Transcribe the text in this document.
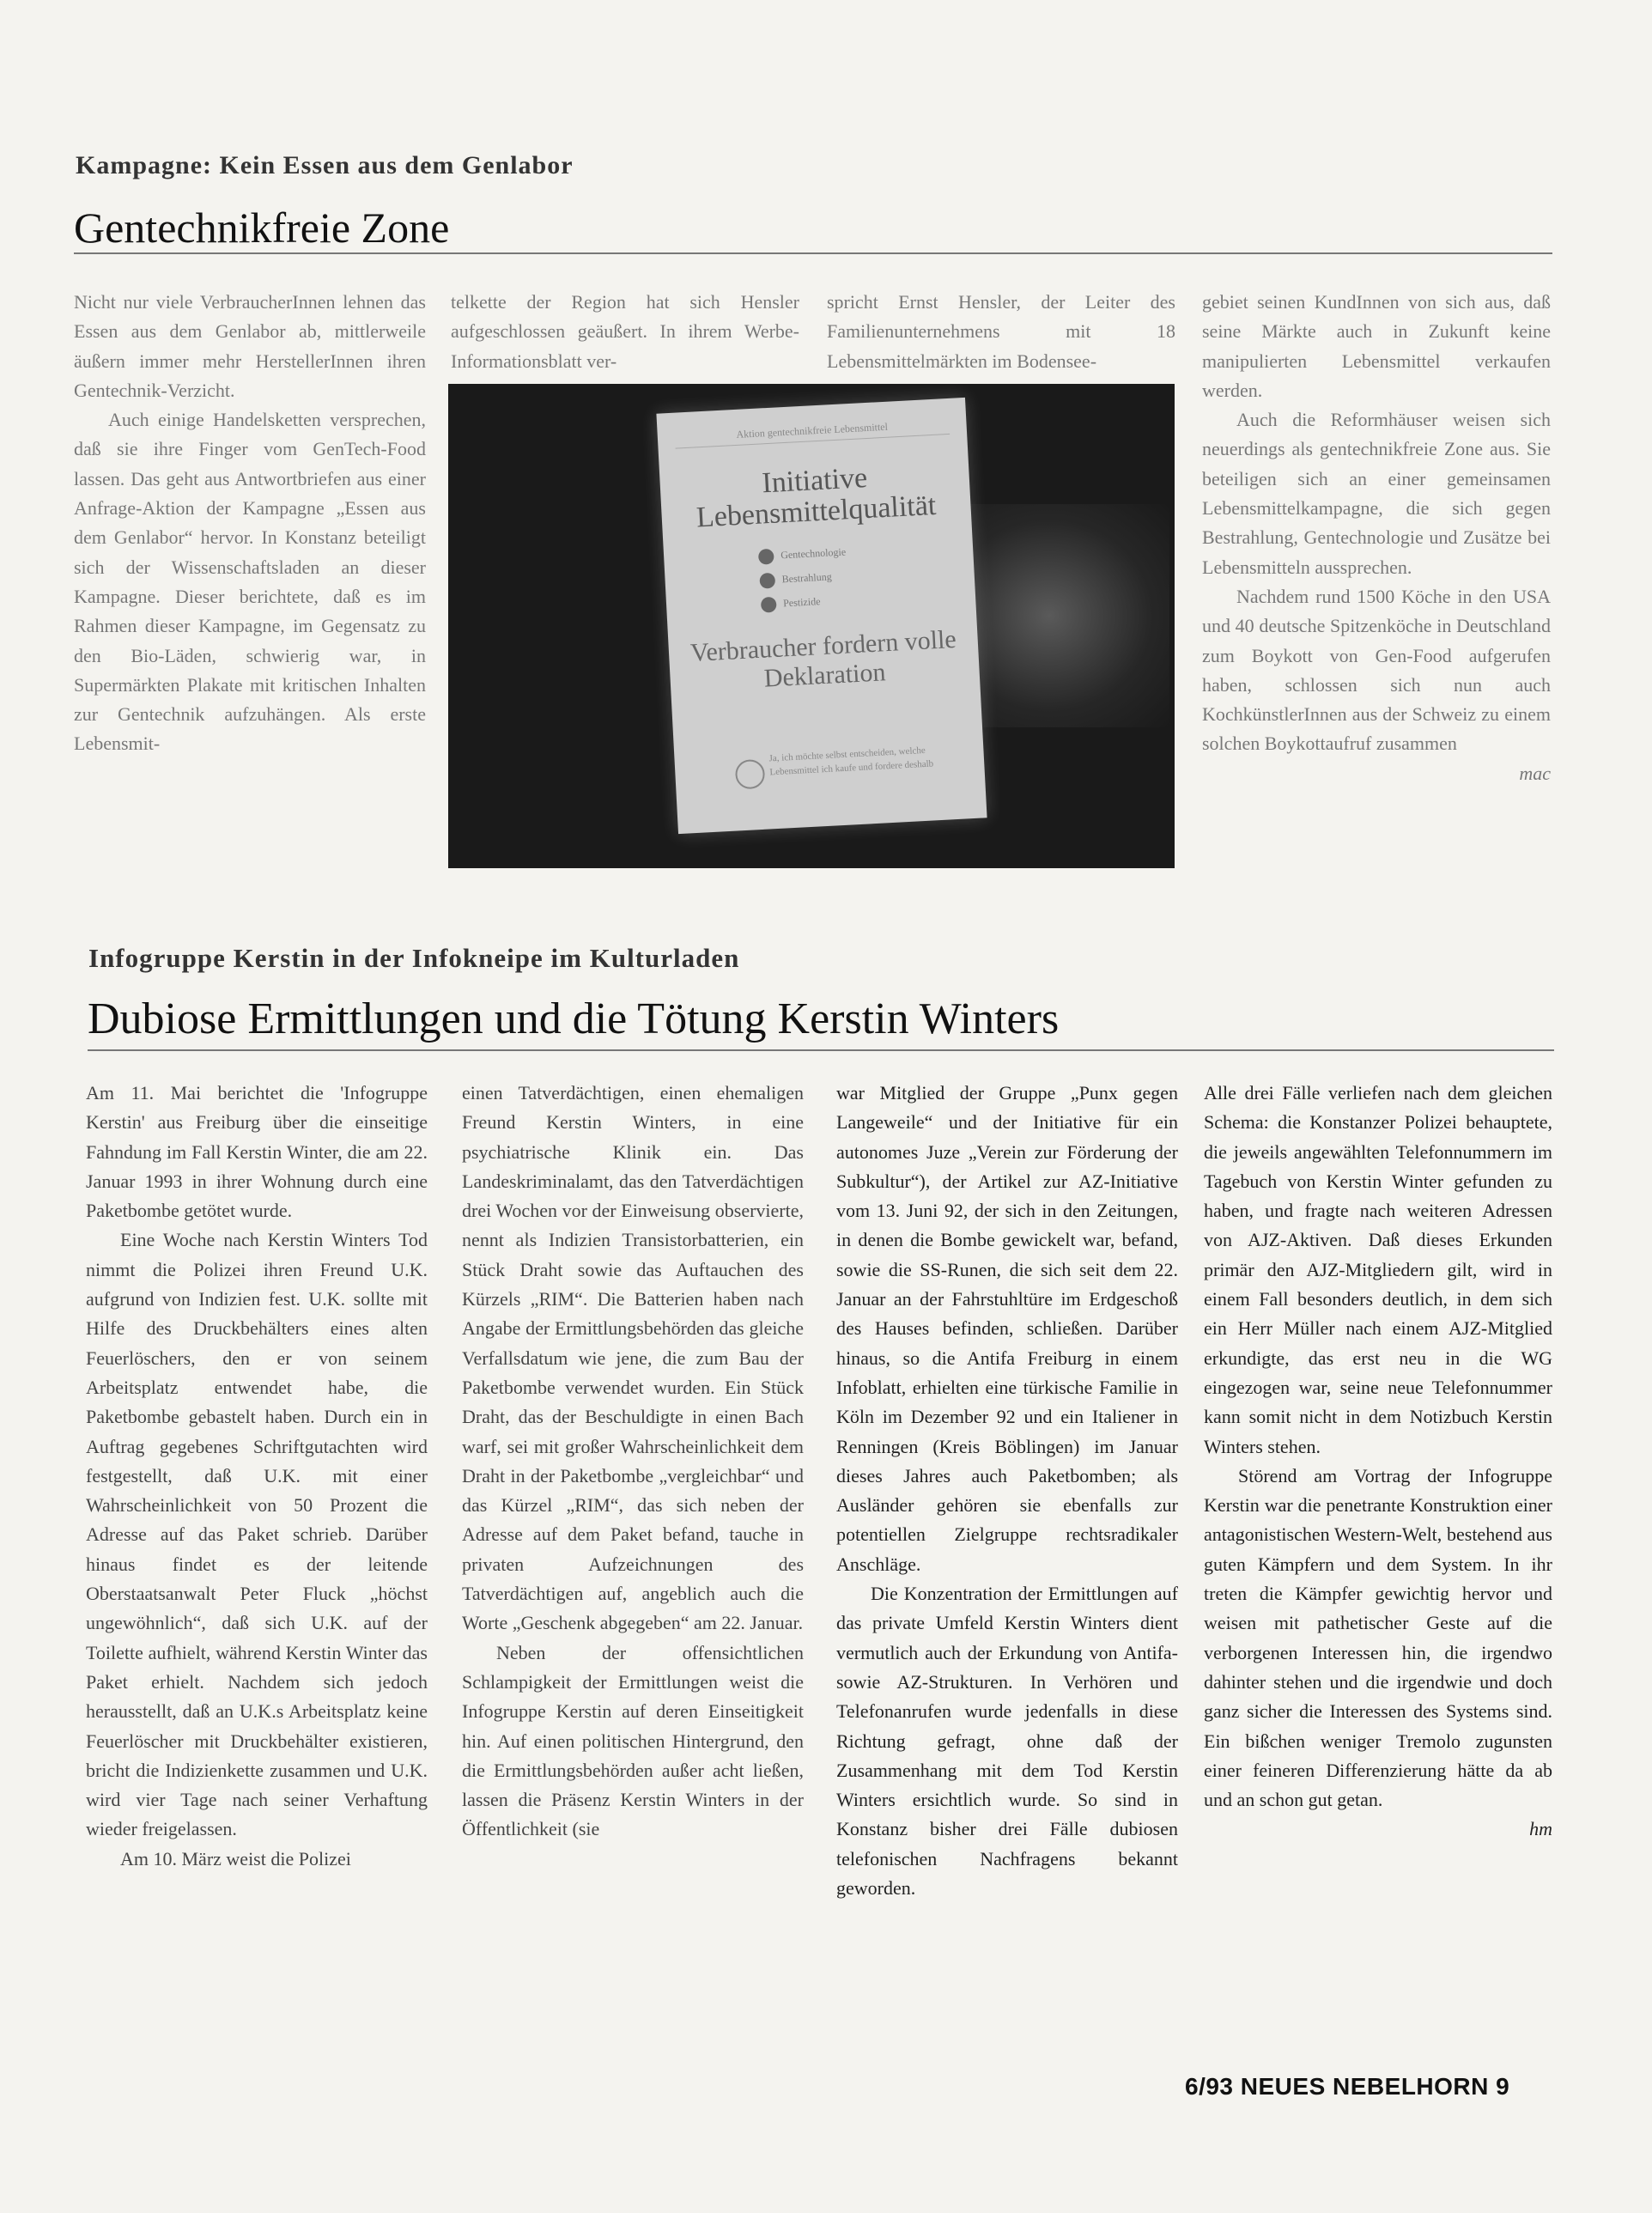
Kampagne: Kein Essen aus dem Genlabor
Gentechnikfreie Zone

Nicht nur viele VerbraucherInnen lehnen das Essen aus dem Genlabor ab, mittlerweile äußern immer mehr HerstellerInnen ihren Gentechnik-Verzicht.

Auch einige Handelsketten versprechen, daß sie ihre Finger vom GenTech-Food lassen. Das geht aus Antwortbriefen aus einer Anfrage-Aktion der Kampagne „Essen aus dem Genlabor“ hervor. In Konstanz beteiligt sich der Wissenschaftsladen an dieser Kampagne. Dieser berichtete, daß es im Rahmen dieser Kampagne, im Gegensatz zu den Bio-Läden, schwierig war, in Supermärkten Plakate mit kritischen Inhalten zur Gentechnik aufzuhängen. Als erste Lebensmit-

telkette der Region hat sich Hensler aufgeschlossen geäußert. In ihrem Werbe-Informationsblatt ver-

spricht Ernst Hensler, der Leiter des Familienunternehmens mit 18 Lebensmittelmärkten im Bodensee-

gebiet seinen KundInnen von sich aus, daß seine Märkte auch in Zukunft keine manipulierten Lebensmittel verkaufen werden.

Auch die Reformhäuser weisen sich neuerdings als gentechnikfreie Zone aus. Sie beteiligen sich an einer gemeinsamen Lebensmittelkampagne, die sich gegen Bestrahlung, Gentechnologie und Zusätze bei Lebensmitteln aussprechen.

Nachdem rund 1500 Köche in den USA und 40 deutsche Spitzenköche in Deutschland zum Boykott von Gen-Food aufgerufen haben, schlossen sich nun auch KochkünstlerInnen aus der Schweiz zu einem solchen Boykottaufruf zusammen

mac

Aktion gentechnikfreie Lebensmittel
Initiative Lebensmittelqualität
Gentechnologie
Bestrahlung
Pestizide
Verbraucher fordern volle Deklaration
Ja, ich möchte selbst entscheiden, welche Lebensmittel ich kaufe und fordere deshalb
Infogruppe Kerstin in der Infokneipe im Kulturladen
Dubiose Ermittlungen und die Tötung Kerstin Winters

Am 11. Mai berichtet die 'Infogruppe Kerstin' aus Freiburg über die einseitige Fahndung im Fall Kerstin Winter, die am 22. Januar 1993 in ihrer Wohnung durch eine Paketbombe getötet wurde.

Eine Woche nach Kerstin Winters Tod nimmt die Polizei ihren Freund U.K. aufgrund von Indizien fest. U.K. sollte mit Hilfe des Druckbehälters eines alten Feuerlöschers, den er von seinem Arbeitsplatz entwendet habe, die Paketbombe gebastelt haben. Durch ein in Auftrag gegebenes Schriftgutachten wird festgestellt, daß U.K. mit einer Wahrscheinlichkeit von 50 Prozent die Adresse auf das Paket schrieb. Darüber hinaus findet es der leitende Oberstaatsanwalt Peter Fluck „höchst ungewöhnlich“, daß sich U.K. auf der Toilette aufhielt, während Kerstin Winter das Paket erhielt. Nachdem sich jedoch herausstellt, daß an U.K.s Arbeitsplatz keine Feuerlöscher mit Druckbehälter existieren, bricht die Indizienkette zusammen und U.K. wird vier Tage nach seiner Verhaftung wieder freigelassen.

Am 10. März weist die Polizei

einen Tatverdächtigen, einen ehemaligen Freund Kerstin Winters, in eine psychiatrische Klinik ein. Das Landeskriminalamt, das den Tatverdächtigen drei Wochen vor der Einweisung observierte, nennt als Indizien Transistorbatterien, ein Stück Draht sowie das Auftauchen des Kürzels „RIM“. Die Batterien haben nach Angabe der Ermittlungsbehörden das gleiche Verfallsdatum wie jene, die zum Bau der Paketbombe verwendet wurden. Ein Stück Draht, das der Beschuldigte in einen Bach warf, sei mit großer Wahrscheinlichkeit dem Draht in der Paketbombe „vergleichbar“ und das Kürzel „RIM“, das sich neben der Adresse auf dem Paket befand, tauche in privaten Aufzeichnungen des Tatverdächtigen auf, angeblich auch die Worte „Geschenk abgegeben“ am 22. Januar.

Neben der offensichtlichen Schlampigkeit der Ermittlungen weist die Infogruppe Kerstin auf deren Einseitigkeit hin. Auf einen politischen Hintergrund, den die Ermittlungsbehörden außer acht ließen, lassen die Präsenz Kerstin Winters in der Öffentlichkeit (sie

war Mitglied der Gruppe „Punx gegen Langeweile“ und der Initiative für ein autonomes Juze „Verein zur Förderung der Subkultur“), der Artikel zur AZ-Initiative vom 13. Juni 92, der sich in den Zeitungen, in denen die Bombe gewickelt war, befand, sowie die SS-Runen, die sich seit dem 22. Januar an der Fahrstuhltüre im Erdgeschoß des Hauses befinden, schließen. Darüber hinaus, so die Antifa Freiburg in einem Infoblatt, erhielten eine türkische Familie in Köln im Dezember 92 und ein Italiener in Renningen (Kreis Böblingen) im Januar dieses Jahres auch Paketbomben; als Ausländer gehören sie ebenfalls zur potentiellen Zielgruppe rechtsradikaler Anschläge.

Die Konzentration der Ermittlungen auf das private Umfeld Kerstin Winters dient vermutlich auch der Erkundung von Antifa- sowie AZ-Strukturen. In Verhören und Telefonanrufen wurde jedenfalls in diese Richtung gefragt, ohne daß der Zusammenhang mit dem Tod Kerstin Winters ersichtlich wurde. So sind in Konstanz bisher drei Fälle dubiosen telefonischen Nachfragens bekannt geworden.

Alle drei Fälle verliefen nach dem gleichen Schema: die Konstanzer Polizei behauptete, die jeweils angewählten Telefonnummern im Tagebuch von Kerstin Winter gefunden zu haben, und fragte nach weiteren Adressen von AJZ-Aktiven. Daß dieses Erkunden primär den AJZ-Mitgliedern gilt, wird in einem Fall besonders deutlich, in dem sich ein Herr Müller nach einem AJZ-Mitglied erkundigte, das erst neu in die WG eingezogen war, seine neue Telefonnummer kann somit nicht in dem Notizbuch Kerstin Winters stehen.

Störend am Vortrag der Infogruppe Kerstin war die penetrante Konstruktion einer antagonistischen Western-Welt, bestehend aus guten Kämpfern und dem System. In ihr treten die Kämpfer gewichtig hervor und weisen mit pathetischer Geste auf die verborgenen Interessen hin, die irgendwo dahinter stehen und die irgendwie und doch ganz sicher die Interessen des Systems sind. Ein bißchen weniger Tremolo zugunsten einer feineren Differenzierung hätte da ab und an schon gut getan.

hm

6/93 NEUES NEBELHORN 9
